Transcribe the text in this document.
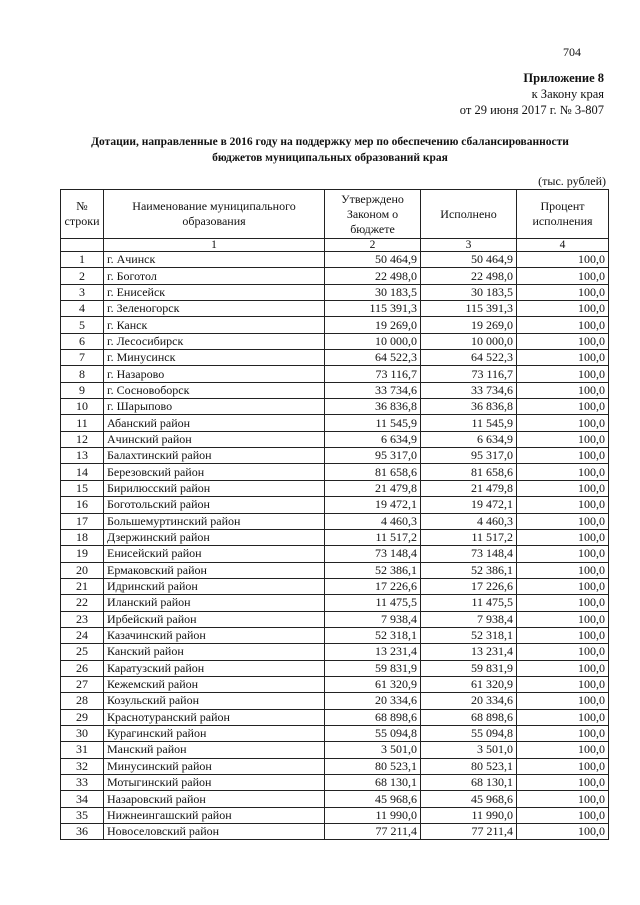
704
Приложение 8
к Закону края
от 29 июня 2017 г. № 3-807
Дотации, направленные в 2016 году на поддержку мер по обеспечению сбалансированности
бюджетов муниципальных образований края
(тыс. рублей)
№ строки	Наименование муниципального образования	Утверждено Законом о бюджете	Исполнено	Процент исполнения
	1	2	3	4
1	г. Ачинск	50 464,9	50 464,9	100,0
2	г. Боготол	22 498,0	22 498,0	100,0
3	г. Енисейск	30 183,5	30 183,5	100,0
4	г. Зеленогорск	115 391,3	115 391,3	100,0
5	г. Канск	19 269,0	19 269,0	100,0
6	г. Лесосибирск	10 000,0	10 000,0	100,0
7	г. Минусинск	64 522,3	64 522,3	100,0
8	г. Назарово	73 116,7	73 116,7	100,0
9	г. Сосновоборск	33 734,6	33 734,6	100,0
10	г. Шарыпово	36 836,8	36 836,8	100,0
11	Абанский район	11 545,9	11 545,9	100,0
12	Ачинский район	6 634,9	6 634,9	100,0
13	Балахтинский район	95 317,0	95 317,0	100,0
14	Березовский район	81 658,6	81 658,6	100,0
15	Бирилюсский район	21 479,8	21 479,8	100,0
16	Боготольский район	19 472,1	19 472,1	100,0
17	Большемуртинский район	4 460,3	4 460,3	100,0
18	Дзержинский район	11 517,2	11 517,2	100,0
19	Енисейский район	73 148,4	73 148,4	100,0
20	Ермаковский район	52 386,1	52 386,1	100,0
21	Идринский район	17 226,6	17 226,6	100,0
22	Иланский район	11 475,5	11 475,5	100,0
23	Ирбейский район	7 938,4	7 938,4	100,0
24	Казачинский район	52 318,1	52 318,1	100,0
25	Канский район	13 231,4	13 231,4	100,0
26	Каратузский район	59 831,9	59 831,9	100,0
27	Кежемский район	61 320,9	61 320,9	100,0
28	Козульский район	20 334,6	20 334,6	100,0
29	Краснотуранский район	68 898,6	68 898,6	100,0
30	Курагинский район	55 094,8	55 094,8	100,0
31	Манский район	3 501,0	3 501,0	100,0
32	Минусинский район	80 523,1	80 523,1	100,0
33	Мотыгинский район	68 130,1	68 130,1	100,0
34	Назаровский район	45 968,6	45 968,6	100,0
35	Нижнеингашский район	11 990,0	11 990,0	100,0
36	Новоселовский район	77 211,4	77 211,4	100,0
